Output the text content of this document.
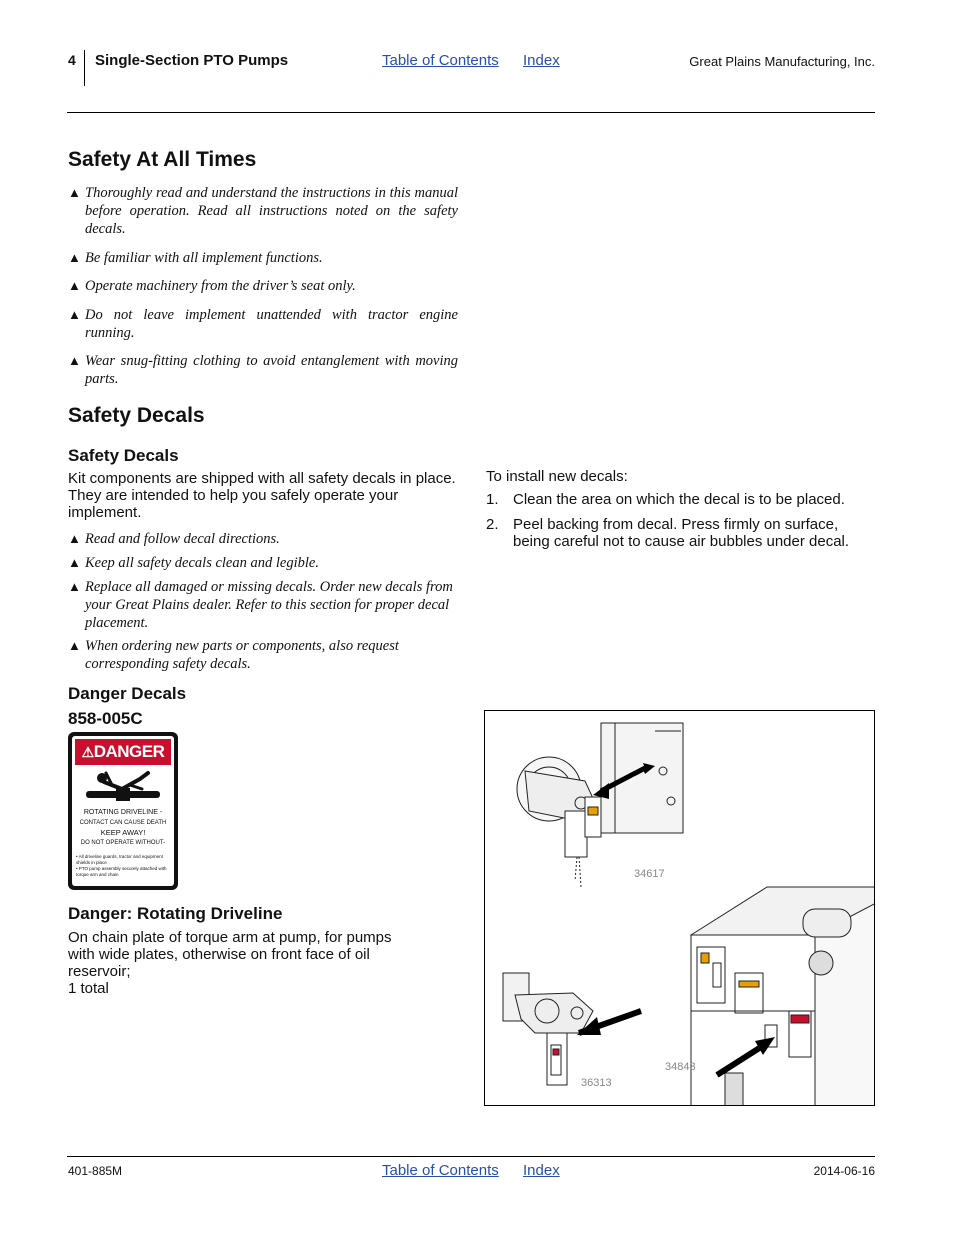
4 Single-Section PTO Pumps	Table of Contents Index	Great Plains Manufacturing, Inc.
Safety At All Times
▲ Thoroughly read and understand the instructions in this manual before operation. Read all instructions noted on the safety decals.
▲ Be familiar with all implement functions.
▲ Operate machinery from the driver’s seat only.
▲ Do not leave implement unattended with tractor engine running.
▲ Wear snug-fitting clothing to avoid entanglement with moving parts.
Safety Decals
Safety Decals
Kit components are shipped with all safety decals in place. They are intended to help you safely operate your implement.
▲ Read and follow decal directions.
▲ Keep all safety decals clean and legible.
▲ Replace all damaged or missing decals. Order new decals from your Great Plains dealer. Refer to this section for proper decal placement.
▲ When ordering new parts or components, also request corresponding safety decals.
To install new decals:
1. Clean the area on which the decal is to be placed.
2. Peel backing from decal. Press firmly on surface, being careful not to cause air bubbles under decal.
Danger Decals
858-005C
⚠DANGER
ROTATING DRIVELINE -
CONTACT CAN CAUSE DEATH
KEEP AWAY!
DO NOT OPERATE WITHOUT-
• All driveline guards, tractor and equipment shields in place
• PTO pump assembly securely attached with torque arm and chain
Danger: Rotating Driveline
On chain plate of torque arm at pump, for pumps with wide plates, otherwise on front face of oil reservoir;
1 total
34617
36313
34843
401-885M	Table of Contents Index	2014-06-16
